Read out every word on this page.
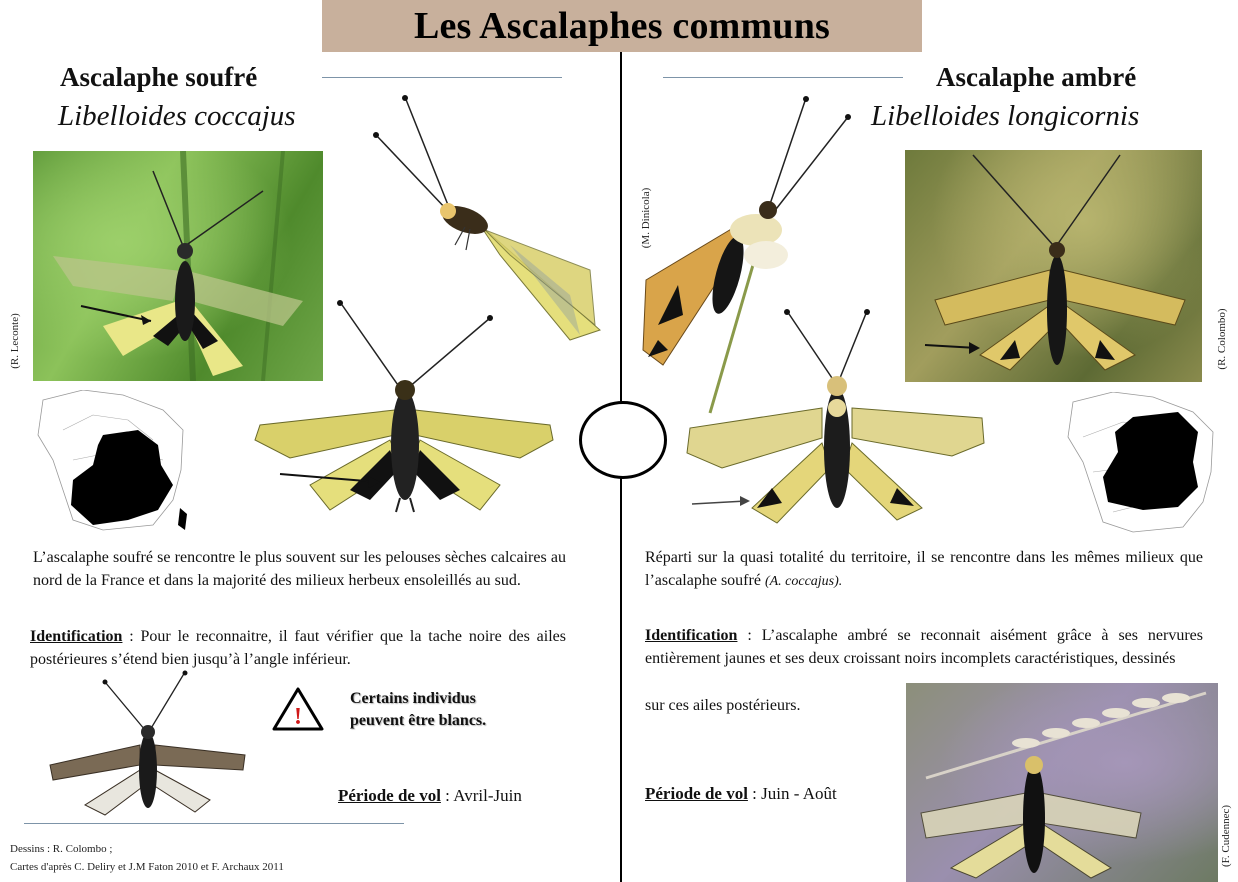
Les Ascalaphes communs
Ascalaphe soufré
Libelloides coccajus
Ascalaphe ambré
Libelloides longicornis
(R. Leconte)
L’ascalaphe soufré se rencontre le plus souvent sur les pelouses sèches calcaires au nord de la France et dans la majorité des milieux herbeux ensoleillés au sud.
Identification : Pour le reconnaitre, il faut vérifier que la tache noire des ailes postérieures s’étend bien jusqu’à l’angle inférieur.
!
Certains individus
peuvent être blancs.
Période de vol : Avril-Juin
Dessins : R. Colombo ;
Cartes d'après C. Deliry et J.M Faton 2010 et F. Archaux 2011
(M. Dinicola)
(R. Colombo)
Réparti sur la quasi totalité du territoire, il se rencontre dans les mêmes milieux que l’ascalaphe soufré (A. coccajus).
Identification : L’ascalaphe ambré se reconnait aisément grâce à ses nervures entièrement jaunes et ses deux croissant noirs incomplets caractéristiques, dessinés
sur ces ailes postérieurs.
(F. Cudennec)
Période de vol : Juin - Août
